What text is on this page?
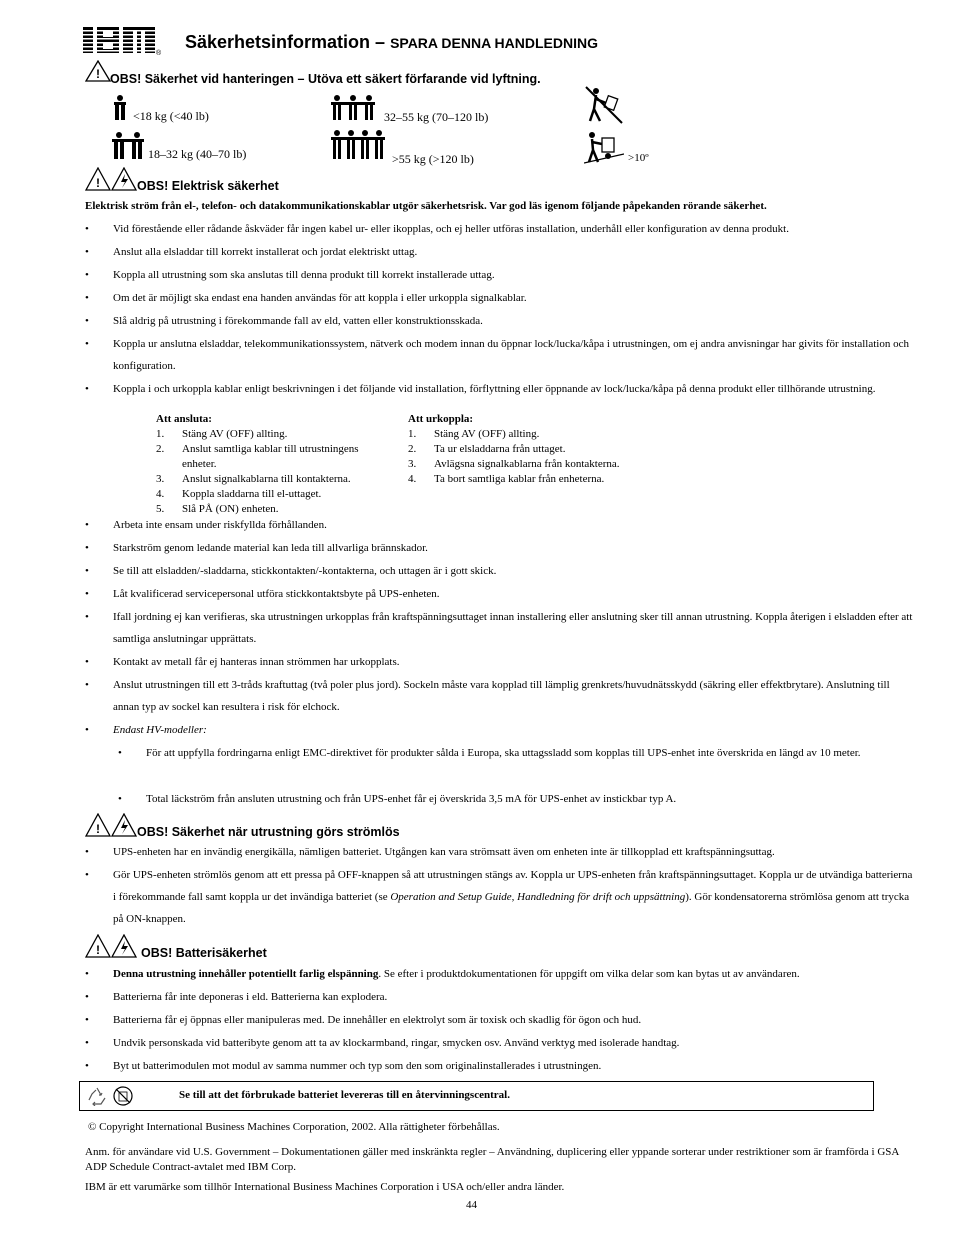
®
Säkerhetsinformation – SPARA DENNA HANDLEDNING
! OBS! Säkerhet vid hanteringen – Utöva ett säkert förfarande vid lyftning.
<18 kg (<40 lb)
18–32 kg (40–70 lb)
32–55 kg (70–120 lb)
>55 kg (>120 lb)	>10º
!	OBS! Elektrisk säkerhet
Elektrisk ström från el-, telefon- och datakommunikationskablar utgör säkerhetsrisk. Var god läs igenom följande påpekanden rörande säkerhet.
• Vid förestående eller rådande åskväder får ingen kabel ur- eller ikopplas, och ej heller utföras installation, underhåll eller konfiguration av denna produkt.
• Anslut alla elsladdar till korrekt installerat och jordat elektriskt uttag.
• Koppla all utrustning som ska anslutas till denna produkt till korrekt installerade uttag.
• Om det är möjligt ska endast ena handen användas för att koppla i eller urkoppla signalkablar.
• Slå aldrig på utrustning i förekommande fall av eld, vatten eller konstruktionsskada.
• Koppla ur anslutna elsladdar, telekommunikationssystem, nätverk och modem innan du öppnar lock/lucka/kåpa i utrustningen, om ej andra anvisningar har givits för installation och konfiguration.
• Koppla i och urkoppla kablar enligt beskrivningen i det följande vid installation, förflyttning eller öppnande av lock/lucka/kåpa på denna produkt eller tillhörande utrustning.
Att ansluta:
1. Stäng AV (OFF) allting.
2. Anslut samtliga kablar till utrustningens enheter.
3. Anslut signalkablarna till kontakterna.
4. Koppla sladdarna till el-uttaget.
5. Slå PÅ (ON) enheten.
Att urkoppla:
1. Stäng AV (OFF) allting.
2. Ta ur elsladdarna från uttaget.
3. Avlägsna signalkablarna från kontakterna.
4. Ta bort samtliga kablar från enheterna.
• Arbeta inte ensam under riskfyllda förhållanden.
• Starkström genom ledande material kan leda till allvarliga brännskador.
• Se till att elsladden/-sladdarna, stickkontakten/-kontakterna, och uttagen är i gott skick.
• Låt kvalificerad servicepersonal utföra stickkontaktsbyte på UPS-enheten.
• Ifall jordning ej kan verifieras, ska utrustningen urkopplas från kraftspänningsuttaget innan installering eller anslutning sker till annan utrustning. Koppla återigen i elsladden efter att samtliga anslutningar upprättats.
• Kontakt av metall får ej hanteras innan strömmen har urkopplats.
• Anslut utrustningen till ett 3-tråds kraftuttag (två poler plus jord). Sockeln måste vara kopplad till lämplig grenkrets/huvudnätsskydd (säkring eller effektbrytare). Anslutning till annan typ av sockel kan resultera i risk för elchock.
• Endast HV-modeller:
• För att uppfylla fordringarna enligt EMC-direktivet för produkter sålda i Europa, ska uttagssladd som kopplas till UPS-enhet inte överskrida en längd av 10 meter.
• Total läckström från ansluten utrustning och från UPS-enhet får ej överskrida 3,5 mA för UPS-enhet av instickbar typ A.
!	OBS! Säkerhet när utrustning görs strömlös
• UPS-enheten har en invändig energikälla, nämligen batteriet. Utgången kan vara strömsatt även om enheten inte är tillkopplad ett kraftspänningsuttag.
• Gör UPS-enheten strömlös genom att ett pressa på OFF-knappen så att utrustningen stängs av. Koppla ur UPS-enheten från kraftspänningsuttaget. Koppla ur de utvändiga batterierna i förekommande fall samt koppla ur det invändiga batteriet (se Operation and Setup Guide, Handledning för drift och uppsättning). Gör kondensatorerna strömlösa genom att trycka på ON-knappen.
!	OBS! Batterisäkerhet
• Denna utrustning innehåller potentiellt farlig elspänning. Se efter i produktdokumentationen för uppgift om vilka delar som kan bytas ut av användaren.
• Batterierna får inte deponeras i eld. Batterierna kan explodera.
• Batterierna får ej öppnas eller manipuleras med. De innehåller en elektrolyt som är toxisk och skadlig för ögon och hud.
• Undvik personskada vid batteribyte genom att ta av klockarmband, ringar, smycken osv. Använd verktyg med isolerade handtag.
• Byt ut batterimodulen mot modul av samma nummer och typ som den som originalinstallerades i utrustningen.
Se till att det förbrukade batteriet levereras till en återvinningscentral.
© Copyright International Business Machines Corporation, 2002. Alla rättigheter förbehållas.
Anm. för användare vid U.S. Government – Dokumentationen gäller med inskränkta regler – Användning, duplicering eller yppande sorterar under restriktioner som är framförda i GSA ADP Schedule Contract-avtalet med IBM Corp.
IBM är ett varumärke som tillhör International Business Machines Corporation i USA och/eller andra länder.
44
